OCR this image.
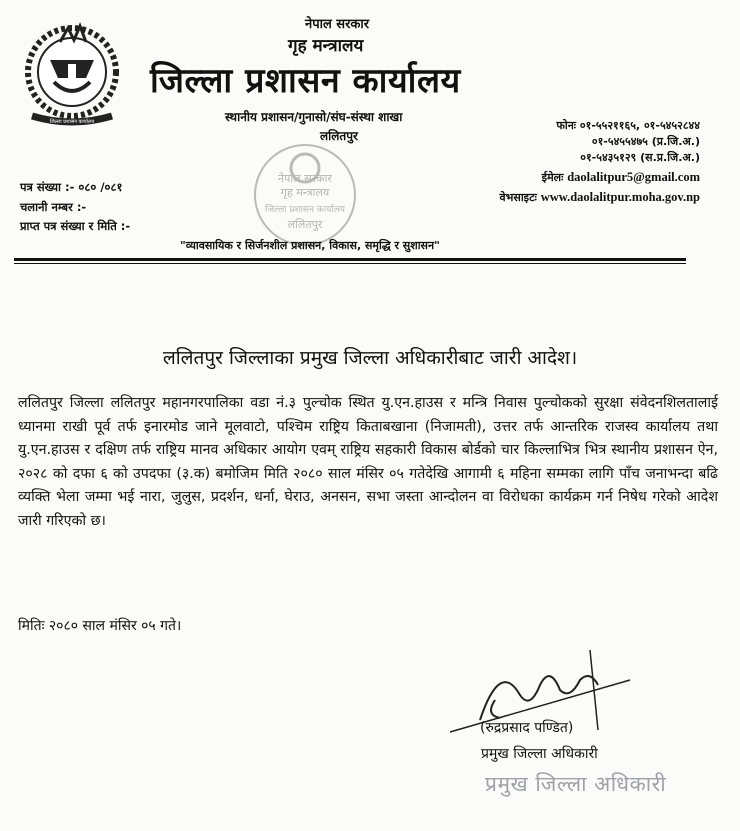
जिल्ला प्रशासन कार्यालय
नेपाल सरकार
गृह मन्त्रालय
जिल्ला प्रशासन कार्यालय
स्थानीय प्रशासन/गुनासो/संघ-संस्था शाखा
ललितपुर
फोनः ०१-५५२११६५, ०१-५४५२८४४
०१-५४५५४७५ (प्र.जि.अ.)
०१-५४३५१२९ (स.प्र.जि.अ.)
ईमेलः daolalitpur5@gmail.com
वेभसाइटः www.daolalitpur.moha.gov.np
नेपाल सरकार
गृह मन्त्रालय
जिल्ला प्रशासन कार्यालय
ललितपुर
पत्र संख्या :- ०८० /०८१
चलानी नम्बर :-
प्राप्त पत्र संख्या र मिति :-
"व्यावसायिक र सिर्जनशील प्रशासन, विकास, समृद्धि र सुशासन"
ललितपुर जिल्लाका प्रमुख जिल्ला अधिकारीबाट जारी आदेश।

ललितपुर जिल्ला ललितपुर महानगरपालिका वडा नं.३ पुल्चोक स्थित यु.एन.हाउस र मन्त्रि निवास पुल्चोकको सुरक्षा संवेदनशिलतालाई ध्यानमा राखी पूर्व तर्फ इनारमोड जाने मूलवाटो, पश्चिम राष्ट्रिय किताबखाना (निजामती), उत्तर तर्फ आन्तरिक राजस्व कार्यालय तथा यु.एन.हाउस र दक्षिण तर्फ राष्ट्रिय मानव अधिकार आयोग एवम् राष्ट्रिय सहकारी विकास बोर्डको चार किल्लाभित्र भित्र स्थानीय प्रशासन ऐन, २०२८ को दफा ६ को उपदफा (३.क) बमोजिम मिति २०८० साल मंसिर ०५ गतेदेखि आगामी ६ महिना सम्मका लागि पाँच जनाभन्दा बढि व्यक्ति भेला जम्मा भई नारा, जुलुस, प्रदर्शन, धर्ना, घेराउ, अनसन, सभा जस्ता आन्दोलन वा विरोधका कार्यक्रम गर्न निषेध गरेको आदेश जारी गरिएको छ।

मितिः २०८० साल मंसिर ०५ गते।
(रुद्रप्रसाद पण्डित)
प्रमुख जिल्ला अधिकारी
प्रमुख जिल्ला अधिकारी
